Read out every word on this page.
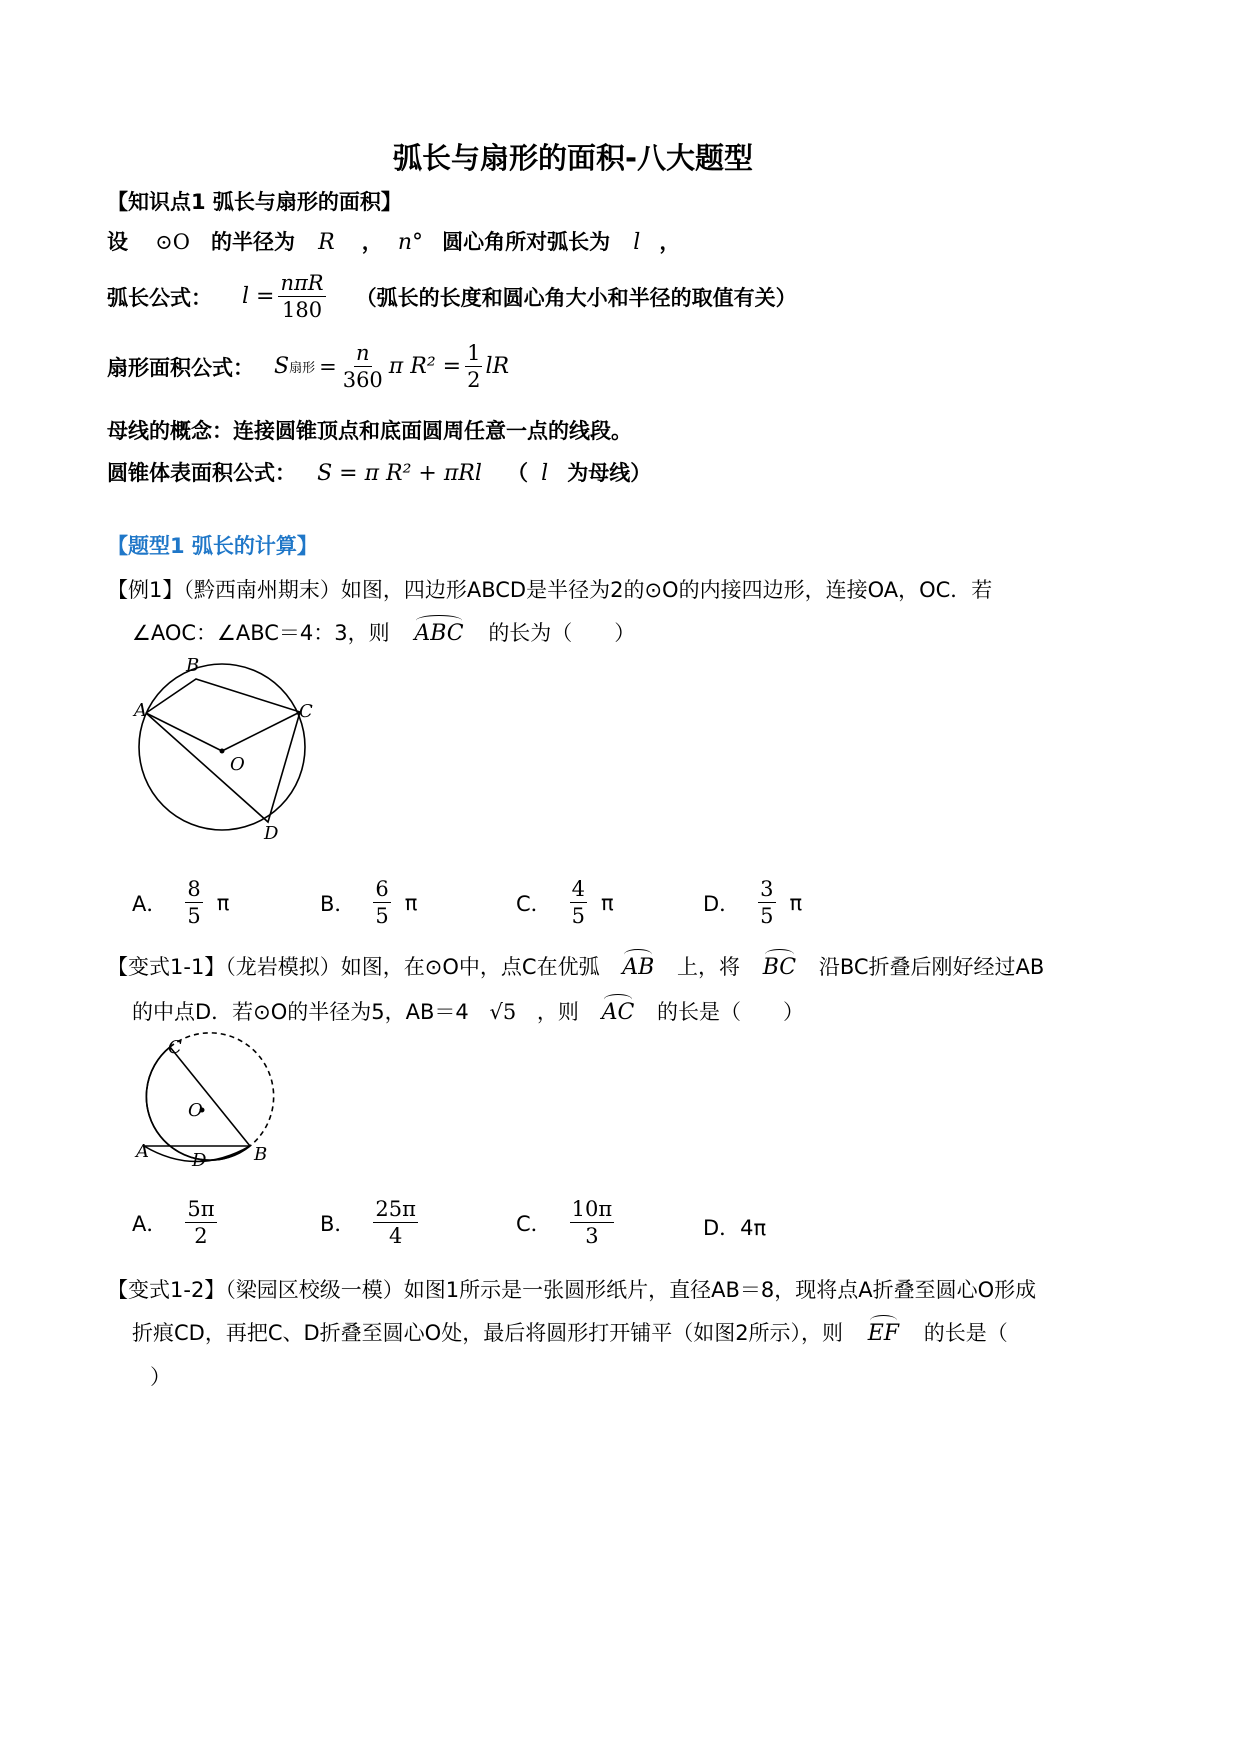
弧长与扇形的面积-八大题型
【知识点1 弧长与扇形的面积】
设 ⊙O 的半径为 R ， n° 圆心角所对弧长为 l ，
弧长公式： $l = \frac{\text{nπR}}{180}$ （弧长的长度和圆心角大小和半径的取值有关）
扇形面积公式： S 扇形 = $\frac{n}{360}$ π $R^2 = \frac{1}{2}$ lR
母线的概念：连接圆锥顶点和底面圆周任意一点的线段。
圆锥体表面积公式： S = π R² + πRl （ l 为母线）
【题型1 弧长的计算】
【例1】（黔西南州期末）如图，四边形ABCD是半径为2的⊙O的内接四边形，连接OA，OC．若
∠AOC：∠ABC＝4：3，则 ABC 的长为（　　）
A
B
C
D
O
A． $\frac{8}{5}$ π	B． $\frac{6}{5}$ π	C． $\frac{4}{5}$ π	D． $\frac{3}{5}$ π
【变式1-1】（龙岩模拟）如图，在⊙O中，点C在优弧 AB 上，将 BC 沿BC折叠后刚好经过AB
的中点D．若⊙O的半径为5，AB＝4 √5 ，则 AC 的长是（　　）
C
O
A D	B
A． $\frac{5\pi}{2}$	B． $\frac{25\pi}{4}$	C． $\frac{10\pi}{3}$	D．4π
【变式1-2】（梁园区校级一模）如图1所示是一张圆形纸片，直径AB＝8，现将点A折叠至圆心O形成
折痕CD，再把C、D折叠至圆心O处，最后将圆形打开铺平（如图2所示），则 EF 的长是（
）
